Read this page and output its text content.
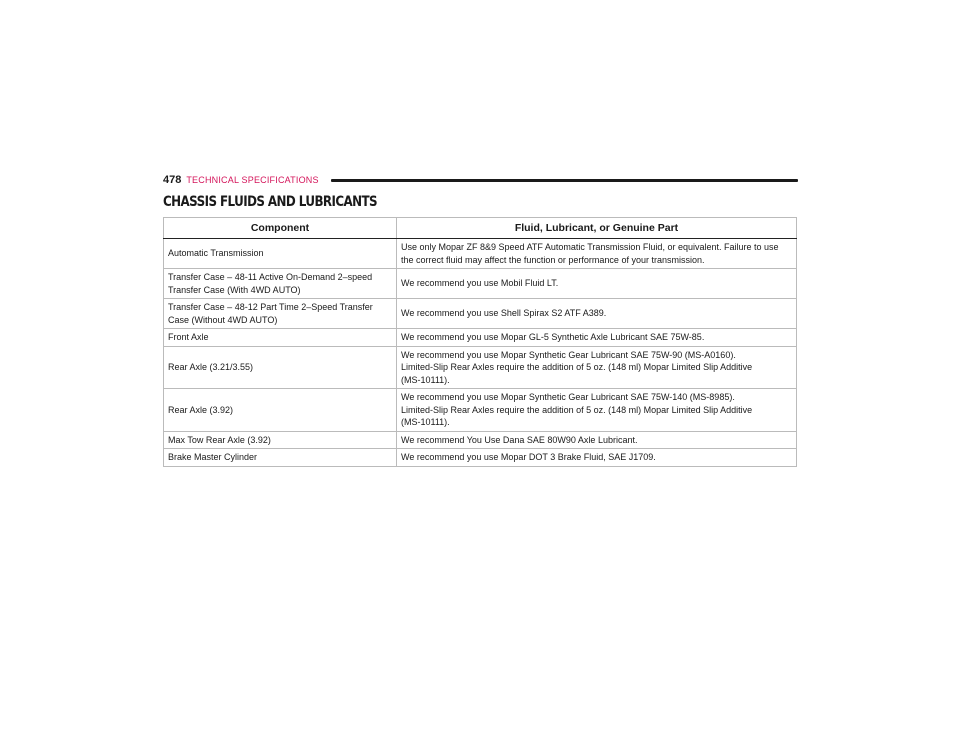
478 TECHNICAL SPECIFICATIONS
CHASSIS FLUIDS AND LUBRICANTS
Component	Fluid, Lubricant, or Genuine Part

Automatic Transmission	Use only Mopar ZF 8&9 Speed ATF Automatic Transmission Fluid, or equivalent. Failure to use
the correct fluid may affect the function or performance of your transmission.

Transfer Case – 48-11 Active On-Demand 2–speed
Transfer Case (With 4WD AUTO)	We recommend you use Mobil Fluid LT.

Transfer Case – 48-12 Part Time 2–Speed Transfer
Case (Without 4WD AUTO)	We recommend you use Shell Spirax S2 ATF A389.

Front Axle	We recommend you use Mopar GL-5 Synthetic Axle Lubricant SAE 75W-85.

Rear Axle (3.21/3.55)	We recommend you use Mopar Synthetic Gear Lubricant SAE 75W-90 (MS-A0160).
Limited-Slip Rear Axles require the addition of 5 oz. (148 ml) Mopar Limited Slip Additive
(MS-10111).

Rear Axle (3.92)	We recommend you use Mopar Synthetic Gear Lubricant SAE 75W-140 (MS-8985).
Limited-Slip Rear Axles require the addition of 5 oz. (148 ml) Mopar Limited Slip Additive
(MS-10111).

Max Tow Rear Axle (3.92)	We recommend You Use Dana SAE 80W90 Axle Lubricant.

Brake Master Cylinder	We recommend you use Mopar DOT 3 Brake Fluid, SAE J1709.
